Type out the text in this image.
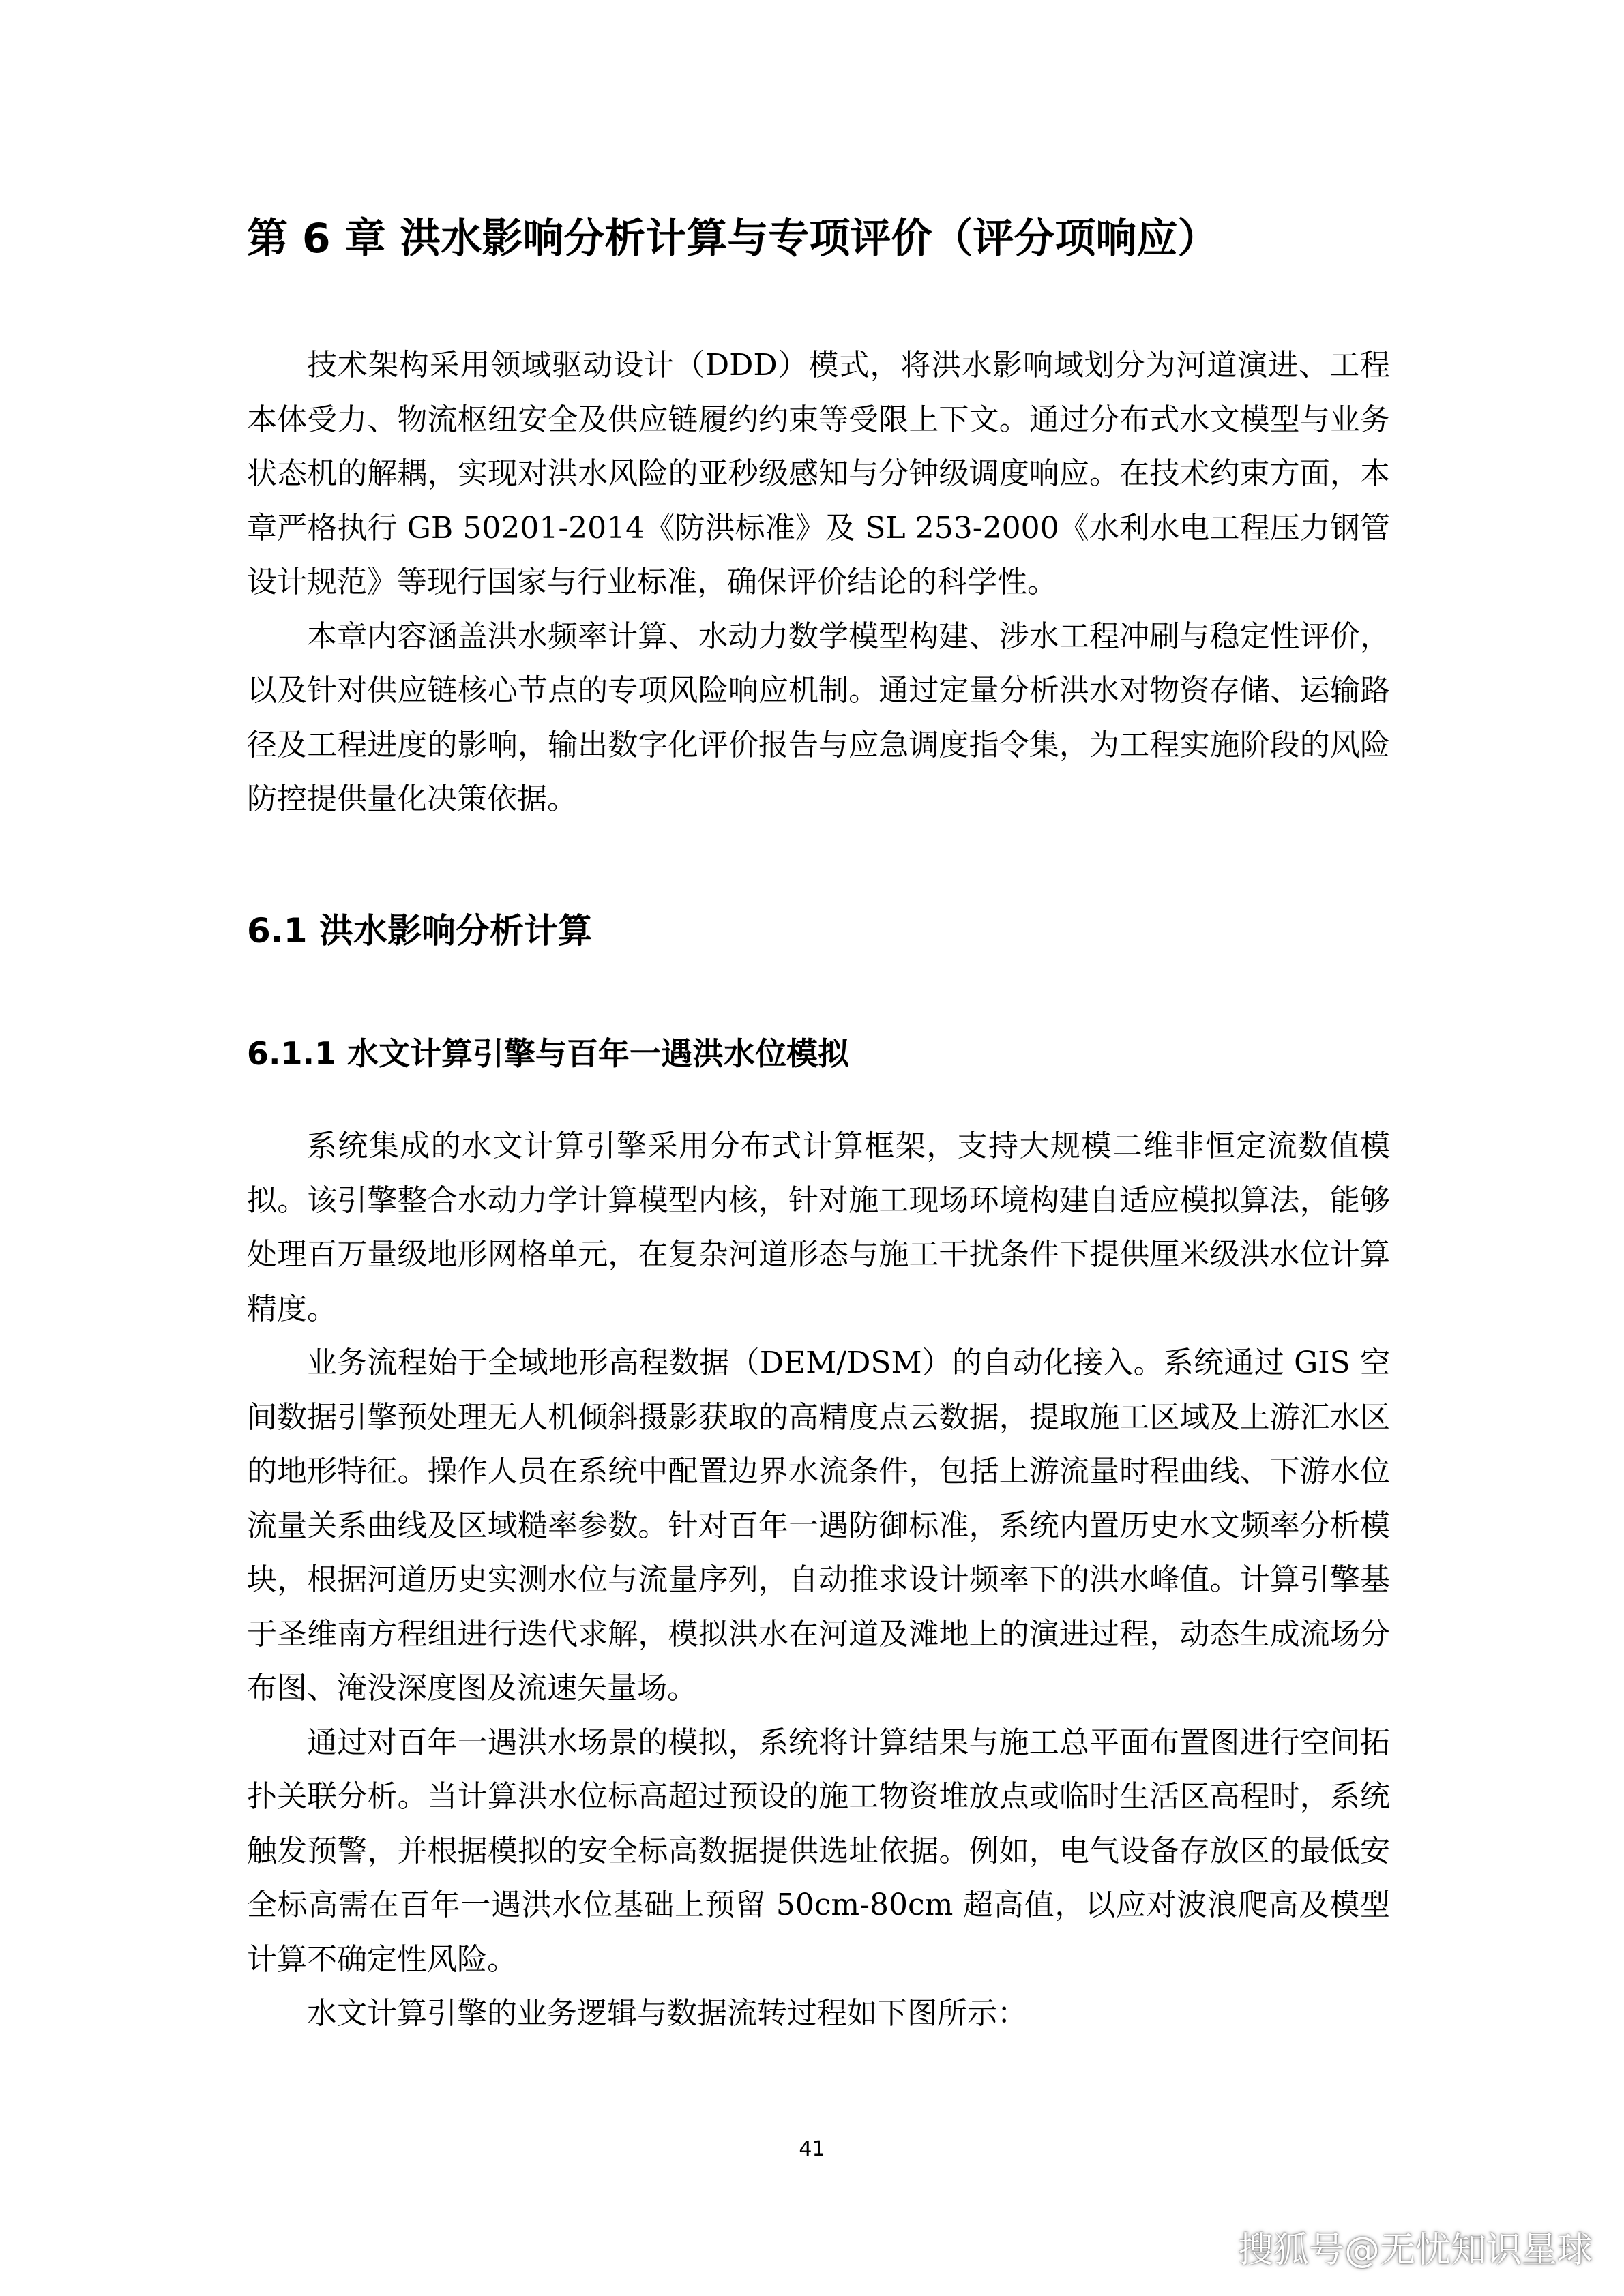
第 6 章 洪水影响分析计算与专项评价（评分项响应）

技术架构采用领域驱动设计（DDD）模式，将洪水影响域划分为河道演进、工程本体受力、物流枢纽安全及供应链履约约束等受限上下文。通过分布式水文模型与业务状态机的解耦，实现对洪水风险的亚秒级感知与分钟级调度响应。在技术约束方面，本章严格执行 GB 50201-2014《防洪标准》及 SL 253-2000《水利水电工程压力钢管设计规范》等现行国家与行业标准，确保评价结论的科学性。

本章内容涵盖洪水频率计算、水动力数学模型构建、涉水工程冲刷与稳定性评价，以及针对供应链核心节点的专项风险响应机制。通过定量分析洪水对物资存储、运输路径及工程进度的影响，输出数字化评价报告与应急调度指令集，为工程实施阶段的风险防控提供量化决策依据。

6.1 洪水影响分析计算
6.1.1 水文计算引擎与百年一遇洪水位模拟

系统集成的水文计算引擎采用分布式计算框架，支持大规模二维非恒定流数值模拟。该引擎整合水动力学计算模型内核，针对施工现场环境构建自适应模拟算法，能够处理百万量级地形网格单元，在复杂河道形态与施工干扰条件下提供厘米级洪水位计算精度。

业务流程始于全域地形高程数据（DEM/DSM）的自动化接入。系统通过 GIS 空间数据引擎预处理无人机倾斜摄影获取的高精度点云数据，提取施工区域及上游汇水区的地形特征。操作人员在系统中配置边界水流条件，包括上游流量时程曲线、下游水位流量关系曲线及区域糙率参数。针对百年一遇防御标准，系统内置历史水文频率分析模块，根据河道历史实测水位与流量序列，自动推求设计频率下的洪水峰值。计算引擎基于圣维南方程组进行迭代求解，模拟洪水在河道及滩地上的演进过程，动态生成流场分布图、淹没深度图及流速矢量场。

通过对百年一遇洪水场景的模拟，系统将计算结果与施工总平面布置图进行空间拓扑关联分析。当计算洪水位标高超过预设的施工物资堆放点或临时生活区高程时，系统触发预警，并根据模拟的安全标高数据提供选址依据。例如，电气设备存放区的最低安全标高需在百年一遇洪水位基础上预留 50cm-80cm 超高值，以应对波浪爬高及模型计算不确定性风险。

水文计算引擎的业务逻辑与数据流转过程如下图所示：

41
搜狐号@无忧知识星球
